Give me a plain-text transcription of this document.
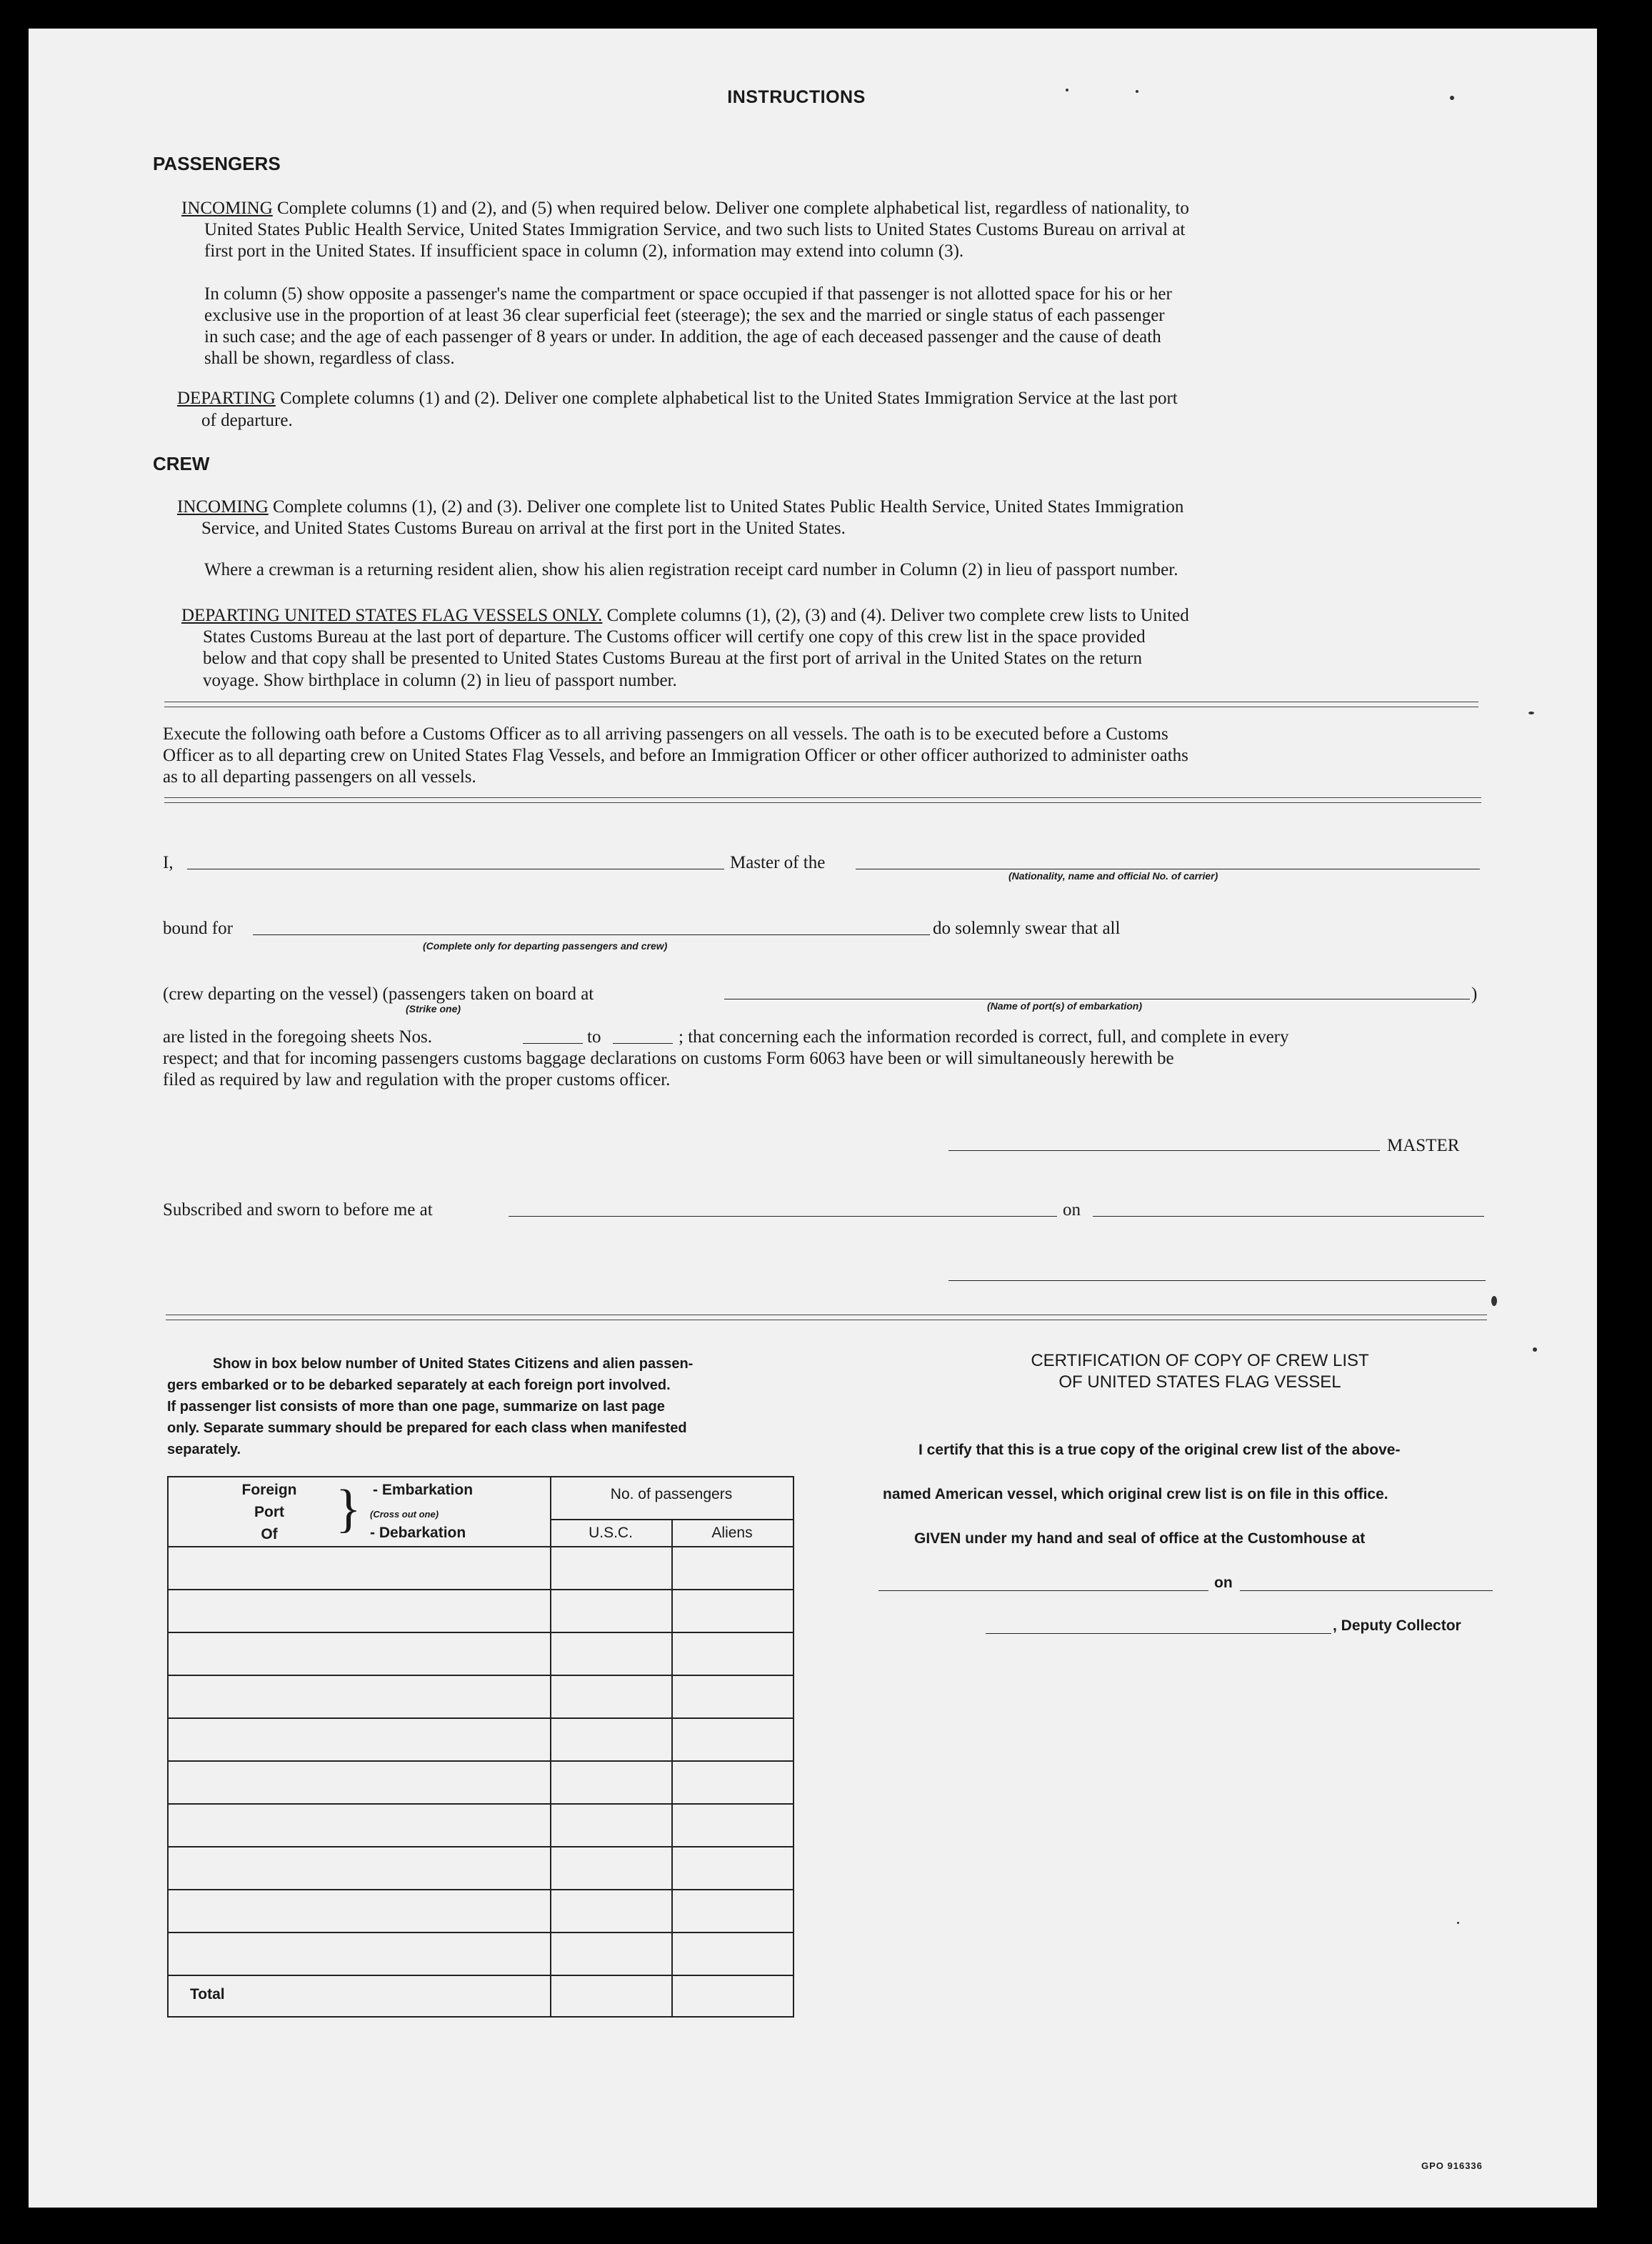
INSTRUCTIONS
PASSENGERS
INCOMING Complete columns (1) and (2), and (5) when required below. Deliver one complete alphabetical list, regardless of nationality, to
United States Public Health Service, United States Immigration Service, and two such lists to United States Customs Bureau on arrival at
first port in the United States. If insufficient space in column (2), information may extend into column (3).
In column (5) show opposite a passenger's name the compartment or space occupied if that passenger is not allotted space for his or her
exclusive use in the proportion of at least 36 clear superficial feet (steerage); the sex and the married or single status of each passenger
in such case; and the age of each passenger of 8 years or under. In addition, the age of each deceased passenger and the cause of death
shall be shown, regardless of class.
DEPARTING Complete columns (1) and (2). Deliver one complete alphabetical list to the United States Immigration Service at the last port
of departure.
CREW
INCOMING Complete columns (1), (2) and (3). Deliver one complete list to United States Public Health Service, United States Immigration
Service, and United States Customs Bureau on arrival at the first port in the United States.
Where a crewman is a returning resident alien, show his alien registration receipt card number in Column (2) in lieu of passport number.
DEPARTING UNITED STATES FLAG VESSELS ONLY. Complete columns (1), (2), (3) and (4). Deliver two complete crew lists to United
States Customs Bureau at the last port of departure. The Customs officer will certify one copy of this crew list in the space provided
below and that copy shall be presented to United States Customs Bureau at the first port of arrival in the United States on the return
voyage. Show birthplace in column (2) in lieu of passport number.
Execute the following oath before a Customs Officer as to all arriving passengers on all vessels. The oath is to be executed before a Customs
Officer as to all departing crew on United States Flag Vessels, and before an Immigration Officer or other officer authorized to administer oaths
as to all departing passengers on all vessels.
I,	Master of the
(Nationality, name and official No. of carrier)
bound for	do solemnly swear that all
(Complete only for departing passengers and crew)
(crew departing on the vessel) (passengers taken on board at	)
(Strike one)	(Name of port(s) of embarkation)
are listed in the foregoing sheets Nos.	to	; that concerning each the information recorded is correct, full, and complete in every
respect; and that for incoming passengers customs baggage declarations on customs Form 6063 have been or will simultaneously herewith be
filed as required by law and regulation with the proper customs officer.
MASTER
Subscribed and sworn to before me at	on
Show in box below number of United States Citizens and alien passen-
gers embarked or to be debarked separately at each foreign port involved.
If passenger list consists of more than one page, summarize on last page
only. Separate summary should be prepared for each class when manifested
separately.
Foreign
Port
Of	} - Embarkation
(Cross out one)
- Debarkation
No. of passengers
U.S.C.	Aliens
Total
CERTIFICATION OF COPY OF CREW LIST
OF UNITED STATES FLAG VESSEL
I certify that this is a true copy of the original crew list of the above-
named American vessel, which original crew list is on file in this office.
GIVEN under my hand and seal of office at the Customhouse at
on
, Deputy Collector
GPO 916336
